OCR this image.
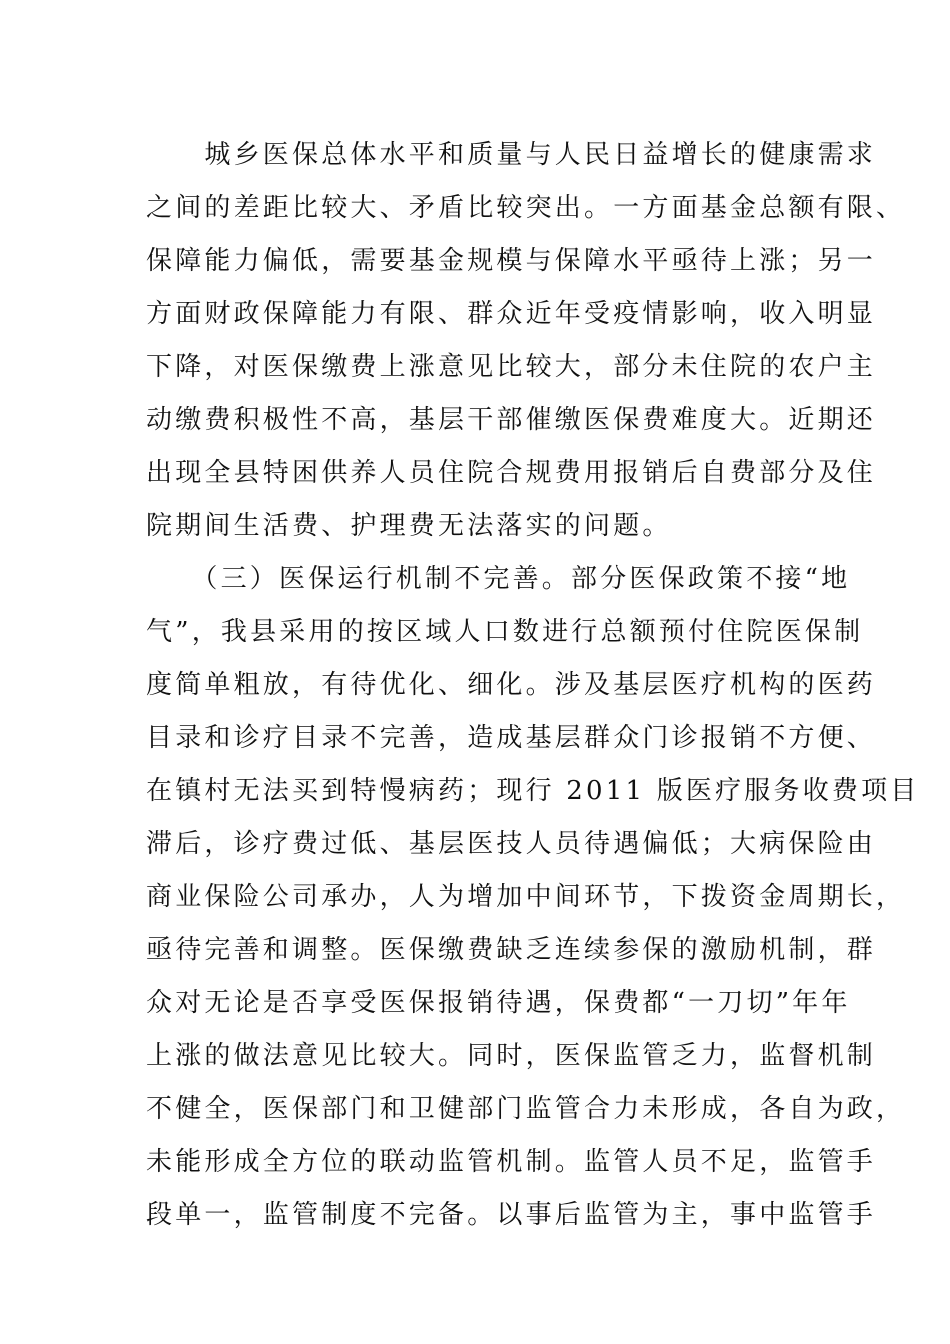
　　城乡医保总体水平和质量与人民日益增长的健康需求
之间的差距比较大、矛盾比较突出。一方面基金总额有限、
保障能力偏低，需要基金规模与保障水平亟待上涨；另一
方面财政保障能力有限、群众近年受疫情影响，收入明显
下降，对医保缴费上涨意见比较大，部分未住院的农户主
动缴费积极性不高，基层干部催缴医保费难度大。近期还
出现全县特困供养人员住院合规费用报销后自费部分及住
院期间生活费、护理费无法落实的问题。
　　（三）医保运行机制不完善。部分医保政策不接“地
气”，我县采用的按区域人口数进行总额预付住院医保制
度简单粗放，有待优化、细化。涉及基层医疗机构的医药
目录和诊疗目录不完善，造成基层群众门诊报销不方便、
在镇村无法买到特慢病药；现行 2011 版医疗服务收费项目
滞后，诊疗费过低、基层医技人员待遇偏低；大病保险由
商业保险公司承办，人为增加中间环节，下拨资金周期长，
亟待完善和调整。医保缴费缺乏连续参保的激励机制，群
众对无论是否享受医保报销待遇，保费都“一刀切”年年
上涨的做法意见比较大。同时，医保监管乏力，监督机制
不健全，医保部门和卫健部门监管合力未形成，各自为政，
未能形成全方位的联动监管机制。监管人员不足，监管手
段单一，监管制度不完备。以事后监管为主，事中监管手
